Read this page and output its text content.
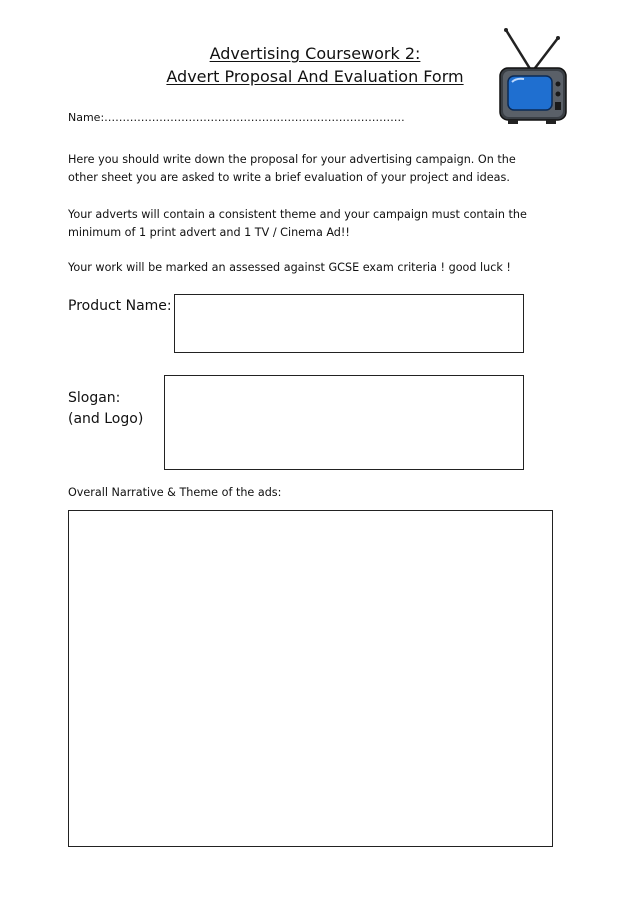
Advertising Coursework 2:
Advert Proposal And Evaluation Form
Name:……………………………………………………………………….
Here you should write down the proposal for your advertising campaign. On the
other sheet you are asked to write a brief evaluation of your project and ideas.
Your adverts will contain a consistent theme and your campaign must contain the
minimum of 1 print advert and 1 TV / Cinema Ad!!
Your work will be marked an assessed against GCSE exam criteria ! good luck !
Product Name:
Slogan:
(and Logo)
Overall Narrative & Theme of the ads:
